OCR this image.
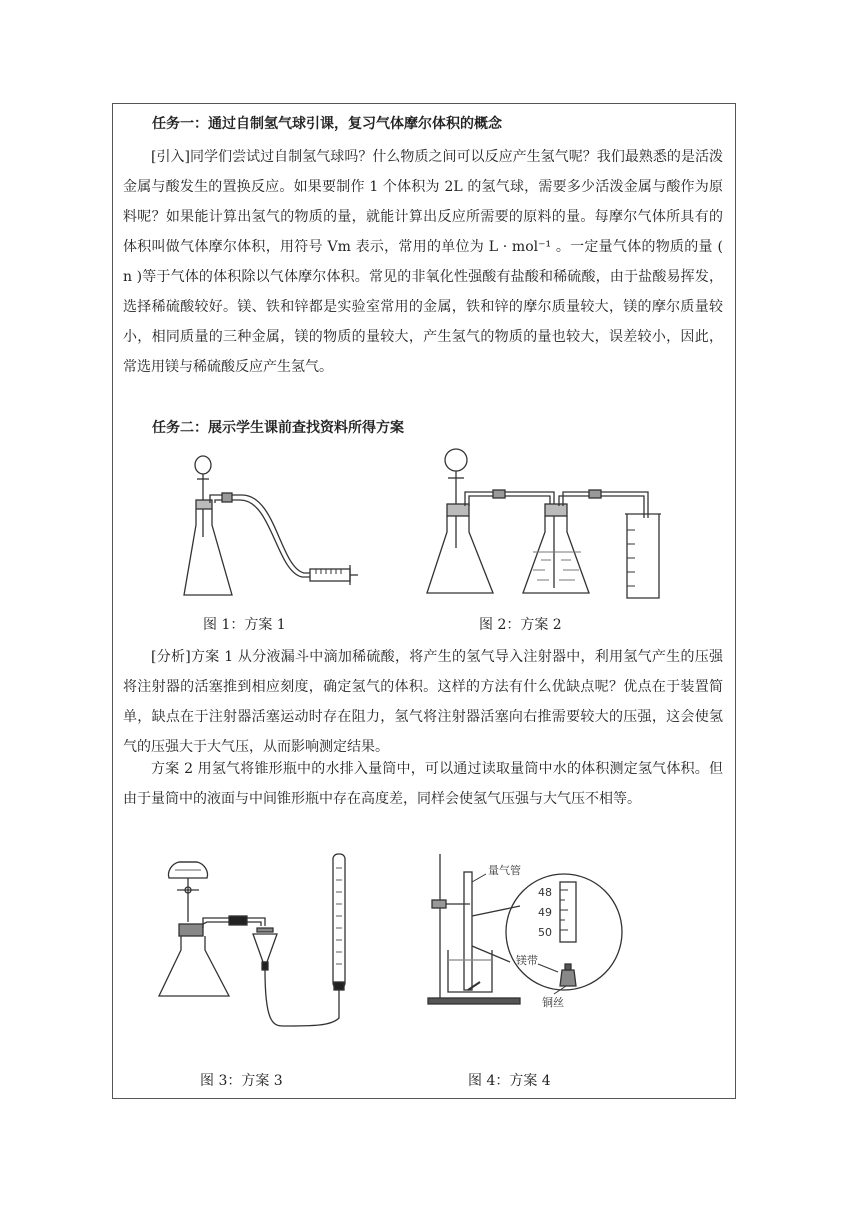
任务一：通过自制氢气球引课，复习气体摩尔体积的概念

[引入]同学们尝试过自制氢气球吗？什么物质之间可以反应产生氢气呢？我们最熟悉的是活泼金属与酸发生的置换反应。如果要制作 1 个体积为 2L 的氢气球，需要多少活泼金属与酸作为原料呢？如果能计算出氢气的物质的量，就能计算出反应所需要的原料的量。每摩尔气体所具有的体积叫做气体摩尔体积，用符号 Vm 表示，常用的单位为 L · mol⁻¹ 。一定量气体的物质的量 ( n )等于气体的体积除以气体摩尔体积。常见的非氧化性强酸有盐酸和稀硫酸，由于盐酸易挥发，选择稀硫酸较好。镁、铁和锌都是实验室常用的金属，铁和锌的摩尔质量较大，镁的摩尔质量较小，相同质量的三种金属，镁的物质的量较大，产生氢气的物质的量也较大，误差较小，因此，常选用镁与稀硫酸反应产生氢气。

任务二：展示学生课前查找资料所得方案
图 1：方案 1	图 2：方案 2

[分析]方案 1 从分液漏斗中滴加稀硫酸，将产生的氢气导入注射器中，利用氢气产生的压强将注射器的活塞推到相应刻度，确定氢气的体积。这样的方法有什么优缺点呢？优点在于装置简单，缺点在于注射器活塞运动时存在阻力，氢气将注射器活塞向右推需要较大的压强，这会使氢气的压强大于大气压，从而影响测定结果。

方案 2 用氢气将锥形瓶中的水排入量筒中，可以通过读取量筒中水的体积测定氢气体积。但由于量筒中的液面与中间锥形瓶中存在高度差，同样会使氢气压强与大气压不相等。

量气管
48
49
50
镁带
铜丝
图 3：方案 3	图 4：方案 4
